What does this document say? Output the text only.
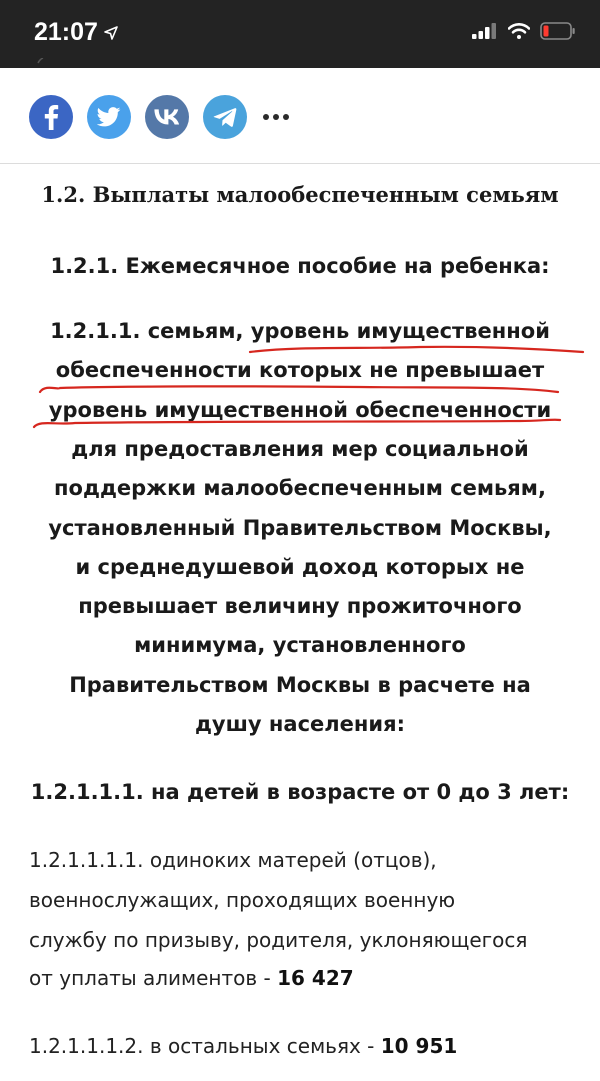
21:07
1.2. Выплаты малообеспеченным семьям
1.2.1. Ежемесячное пособие на ребенка:
1.2.1.1. семьям, уровень имущественной
обеспеченности которых не превышает
уровень имущественной обеспеченности
для предоставления мер социальной
поддержки малообеспеченным семьям,
установленный Правительством Москвы,
и среднедушевой доход которых не
превышает величину прожиточного
минимума, установленного
Правительством Москвы в расчете на
душу населения:
1.2.1.1.1. на детей в возрасте от 0 до 3 лет:
1.2.1.1.1.1. одиноких матерей (отцов),
военнослужащих, проходящих военную
службу по призыву, родителя, уклоняющегося
от уплаты алиментов - 16 427
1.2.1.1.1.2. в остальных семьях - 10 951
